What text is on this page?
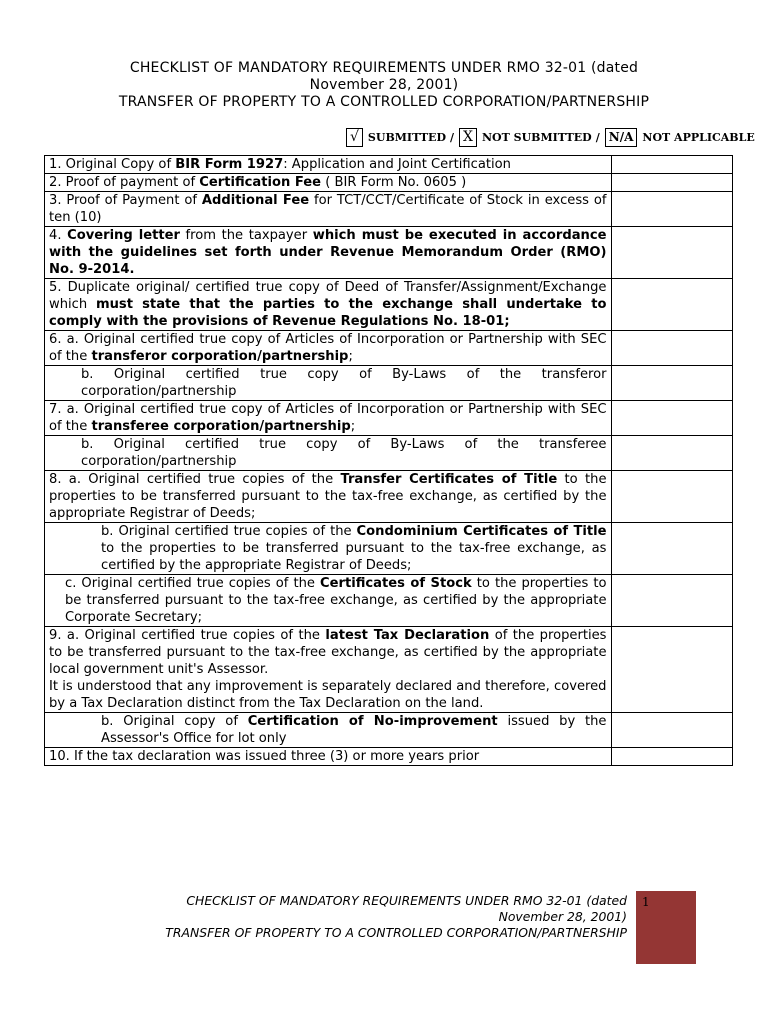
CHECKLIST OF MANDATORY REQUIREMENTS UNDER RMO 32-01 (dated
November 28, 2001)
TRANSFER OF PROPERTY TO A CONTROLLED CORPORATION/PARTNERSHIP
√ SUBMITTED / X NOT SUBMITTED / N/A NOT APPLICABLE
1. Original Copy of BIR Form 1927: Application and Joint Certification	
2. Proof of payment of Certification Fee ( BIR Form No. 0605 )	
3. Proof of Payment of Additional Fee for TCT/CCT/Certificate of Stock in excess of ten (10)	
4. Covering letter from the taxpayer which must be executed in accordance with the guidelines set forth under Revenue Memorandum Order (RMO) No. 9-2014.	
5. Duplicate original/ certified true copy of Deed of Transfer/Assignment/Exchange which must state that the parties to the exchange shall undertake to comply with the provisions of Revenue Regulations No. 18-01;	
6. a. Original certified true copy of Articles of Incorporation or Partnership with SEC of the transferor corporation/partnership;	
b. Original certified true copy of By-Laws of the transferor corporation/partnership	
7. a. Original certified true copy of Articles of Incorporation or Partnership with SEC of the transferee corporation/partnership;	
b. Original certified true copy of By-Laws of the transferee corporation/partnership	
8. a. Original certified true copies of the Transfer Certificates of Title to the properties to be transferred pursuant to the tax-free exchange, as certified by the appropriate Registrar of Deeds;	
b. Original certified true copies of the Condominium Certificates of Title to the properties to be transferred pursuant to the tax-free exchange, as certified by the appropriate Registrar of Deeds;	
c. Original certified true copies of the Certificates of Stock to the properties to be transferred pursuant to the tax-free exchange, as certified by the appropriate Corporate Secretary;	
9. a. Original certified true copies of the latest Tax Declaration of the properties to be transferred pursuant to the tax-free exchange, as certified by the appropriate local government unit's Assessor.
It is understood that any improvement is separately declared and therefore, covered by a Tax Declaration distinct from the Tax Declaration on the land.	

b. Original copy of Certification of No-improvement issued by the Assessor's Office for lot only	
10. If the tax declaration was issued three (3) or more years prior	
CHECKLIST OF MANDATORY REQUIREMENTS UNDER RMO 32-01 (dated
November 28, 2001)
TRANSFER OF PROPERTY TO A CONTROLLED CORPORATION/PARTNERSHIP
1
